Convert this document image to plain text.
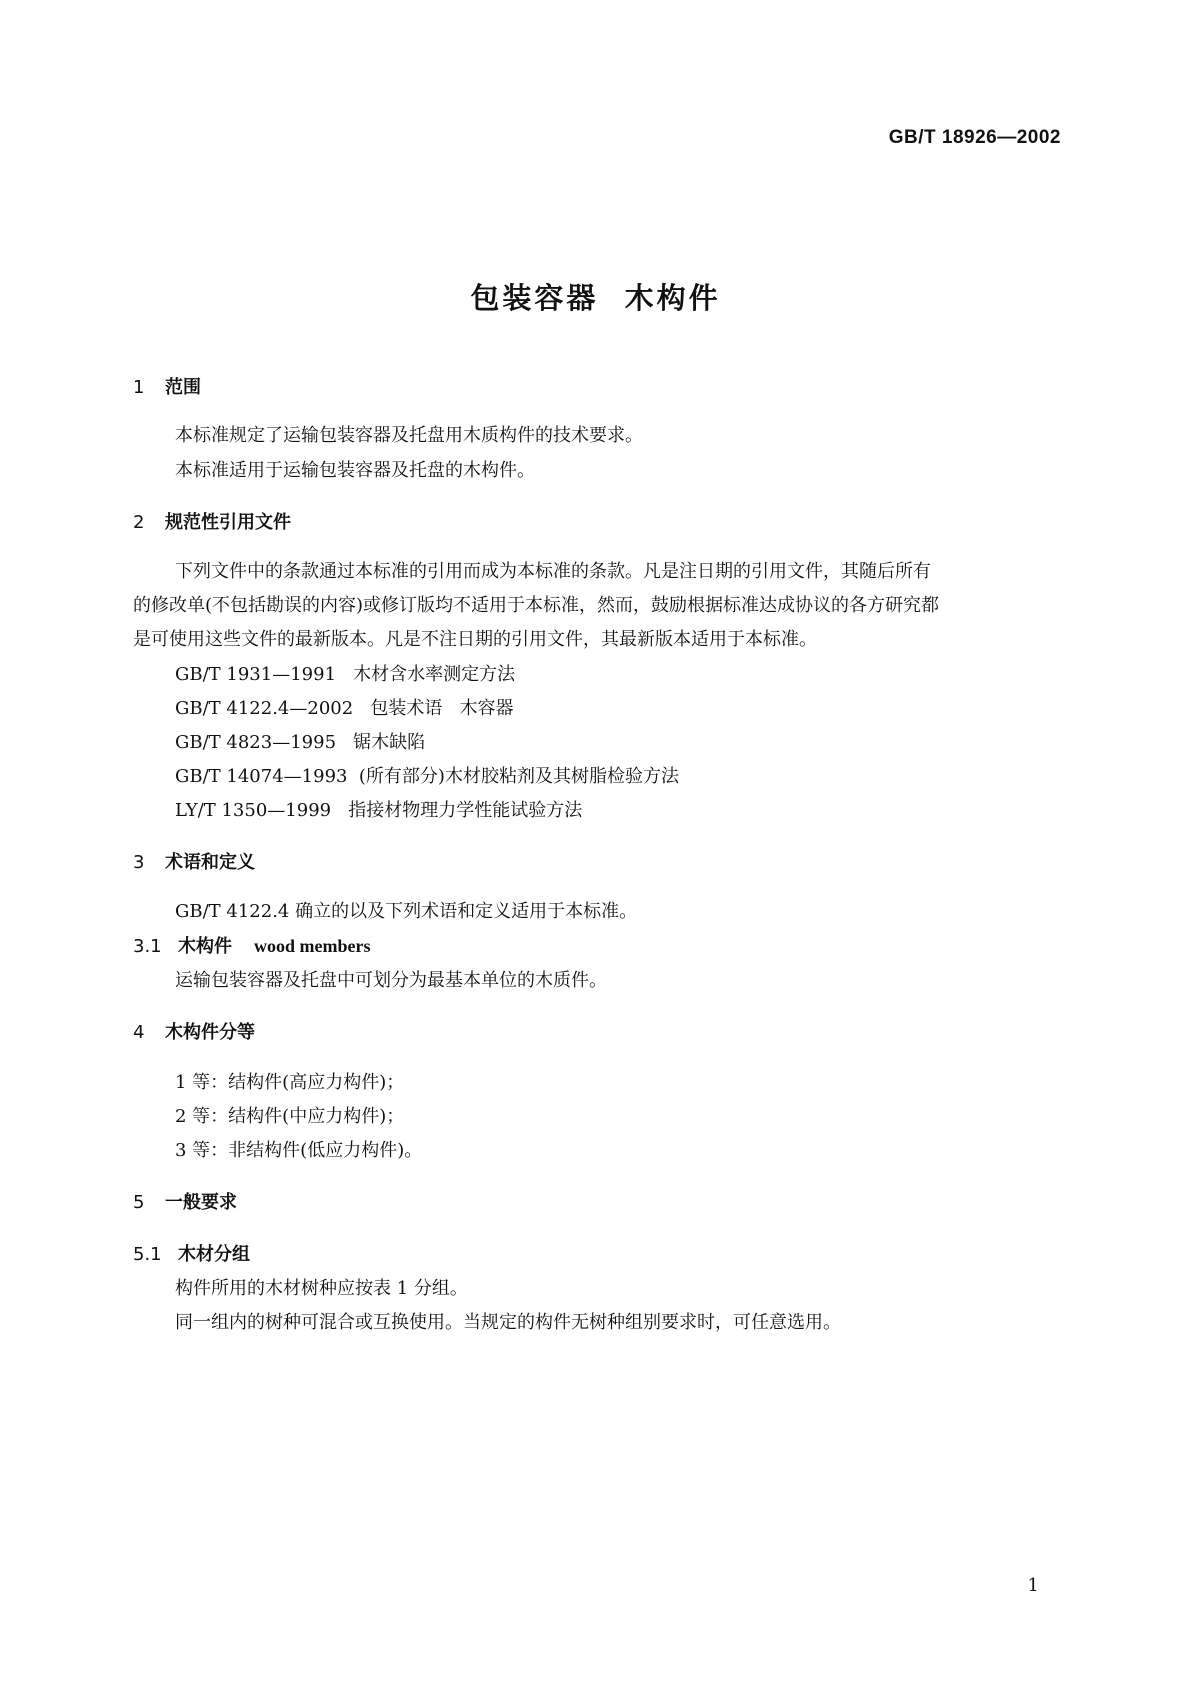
GB/T 18926—2002
包装容器  木构件
1 范围

本标准规定了运输包装容器及托盘用木质构件的技术要求。

本标准适用于运输包装容器及托盘的木构件。

2 规范性引用文件

下列文件中的条款通过本标准的引用而成为本标准的条款。凡是注日期的引用文件，其随后所有

的修改单(不包括勘误的内容)或修订版均不适用于本标准，然而，鼓励根据标准达成协议的各方研究都

是可使用这些文件的最新版本。凡是不注日期的引用文件，其最新版本适用于本标准。

GB/T 1931—1991   木材含水率测定方法

GB/T 4122.4—2002   包装术语   木容器

GB/T 4823—1995   锯木缺陷

GB/T 14074—1993  (所有部分)木材胶粘剂及其树脂检验方法

LY/T 1350—1999   指接材物理力学性能试验方法

3 术语和定义

GB/T 4122.4 确立的以及下列术语和定义适用于本标准。

3.1 木构件 wood members

运输包装容器及托盘中可划分为最基本单位的木质件。

4 木构件分等

1 等：结构件(高应力构件)；

2 等：结构件(中应力构件)；

3 等：非结构件(低应力构件)。

5 一般要求
5.1 木材分组

构件所用的木材树种应按表 1 分组。

同一组内的树种可混合或互换使用。当规定的构件无树种组别要求时，可任意选用。

1
